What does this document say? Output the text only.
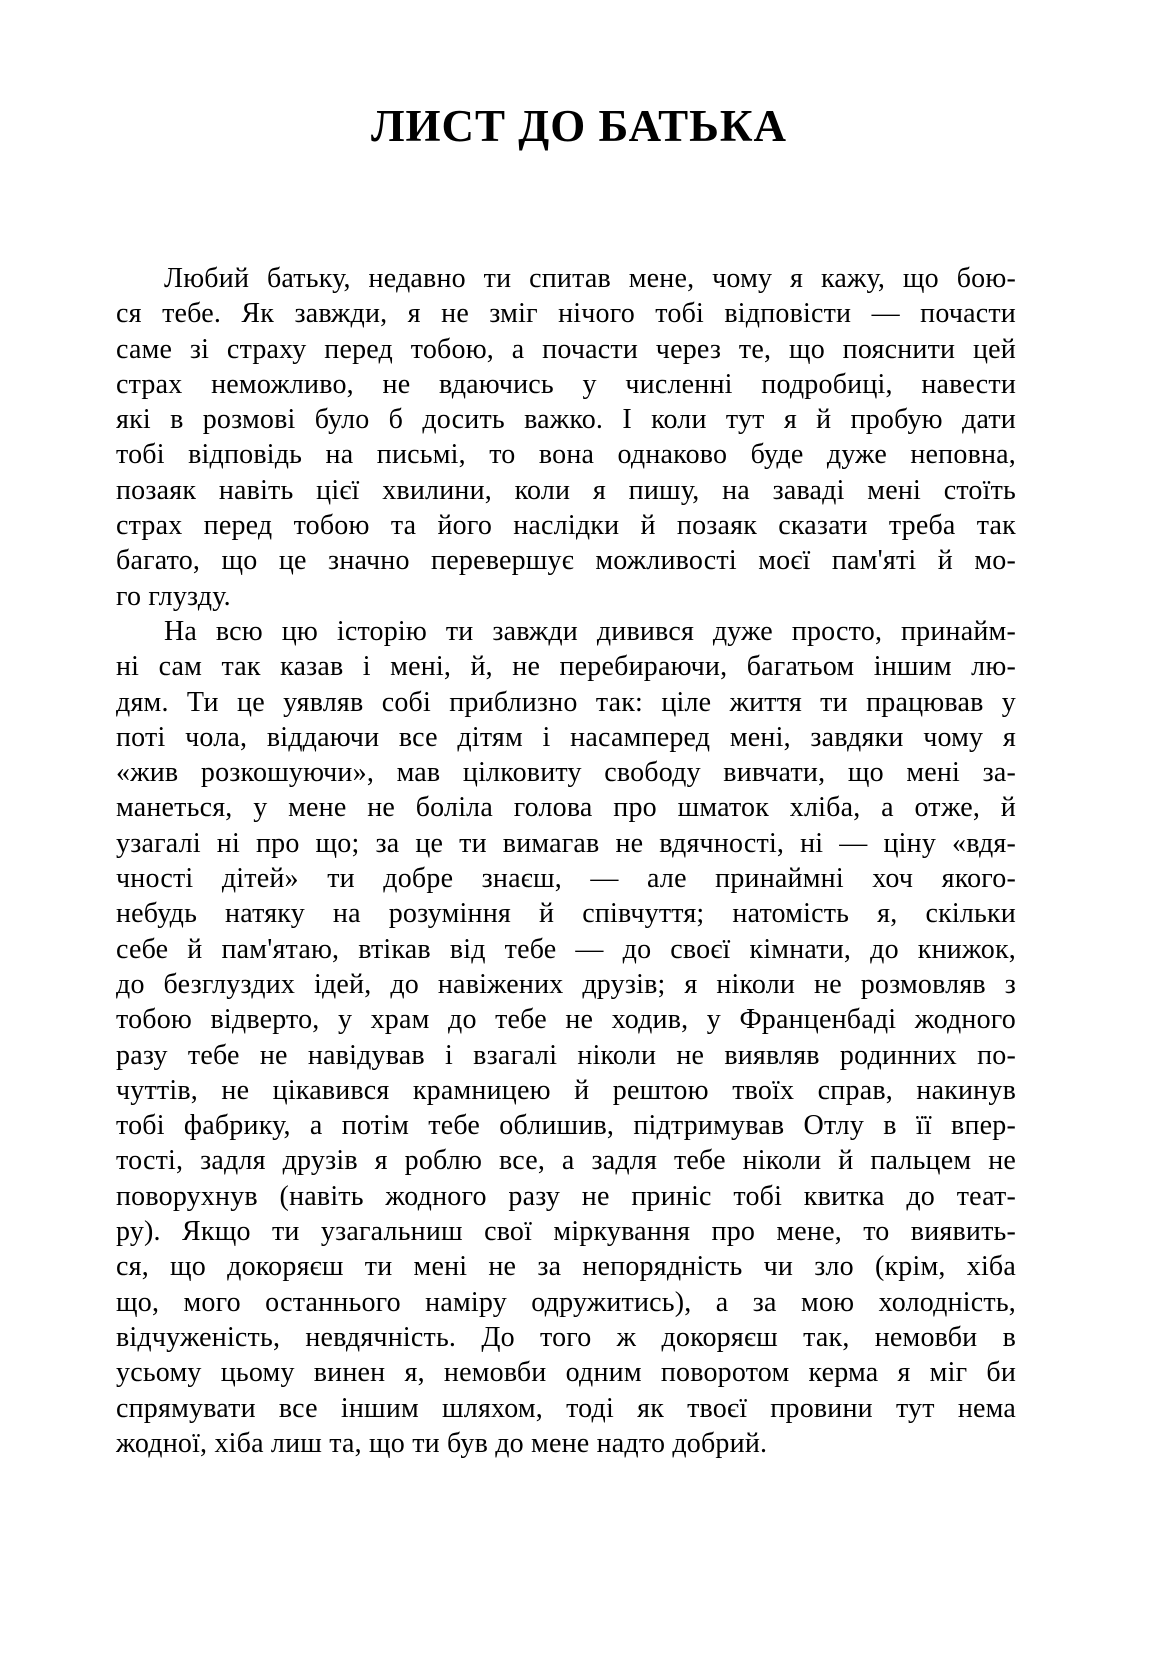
ЛИСТ ДО БАТЬКА
Любий батьку, недавно ти спитав мене, чому я кажу, що бою-
ся тебе. Як завжди, я не зміг нічого тобі відповісти — почасти
саме зі страху перед тобою, а почасти через те, що пояснити цей
страх неможливо, не вдаючись у численні подробиці, навести
які в розмові було б досить важко. І коли тут я й пробую дати
тобі відповідь на письмі, то вона однаково буде дуже неповна,
позаяк навіть цієї хвилини, коли я пишу, на заваді мені стоїть
страх перед тобою та його наслідки й позаяк сказати треба так
багато, що це значно перевершує можливості моєї пам'яті й мо-
го глузду.
На всю цю історію ти завжди дивився дуже просто, принайм-
ні сам так казав і мені, й, не перебираючи, багатьом іншим лю-
дям. Ти це уявляв собі приблизно так: ціле життя ти працював у
поті чола, віддаючи все дітям і насамперед мені, завдяки чому я
«жив розкошуючи», мав цілковиту свободу вивчати, що мені за-
манеться, у мене не боліла голова про шматок хліба, а отже, й
узагалі ні про що; за це ти вимагав не вдячності, ні — ціну «вдя-
чності дітей» ти добре знаєш, — але принаймні хоч якого-
небудь натяку на розуміння й співчуття; натомість я, скільки
себе й пам'ятаю, втікав від тебе — до своєї кімнати, до книжок,
до безглуздих ідей, до навіжених друзів; я ніколи не розмовляв з
тобою відверто, у храм до тебе не ходив, у Франценбаді жодного
разу тебе не навідував і взагалі ніколи не виявляв родинних по-
чуттів, не цікавився крамницею й рештою твоїх справ, накинув
тобі фабрику, а потім тебе облишив, підтримував Отлу в її впер-
тості, задля друзів я роблю все, а задля тебе ніколи й пальцем не
поворухнув (навіть жодного разу не приніс тобі квитка до теат-
ру). Якщо ти узагальниш свої міркування про мене, то виявить-
ся, що докоряєш ти мені не за непорядність чи зло (крім, хіба
що, мого останнього наміру одружитись), а за мою холодність,
відчуженість, невдячність. До того ж докоряєш так, немовби в
усьому цьому винен я, немовби одним поворотом керма я міг би
спрямувати все іншим шляхом, тоді як твоєї провини тут нема
жодної, хіба лиш та, що ти був до мене надто добрий.
